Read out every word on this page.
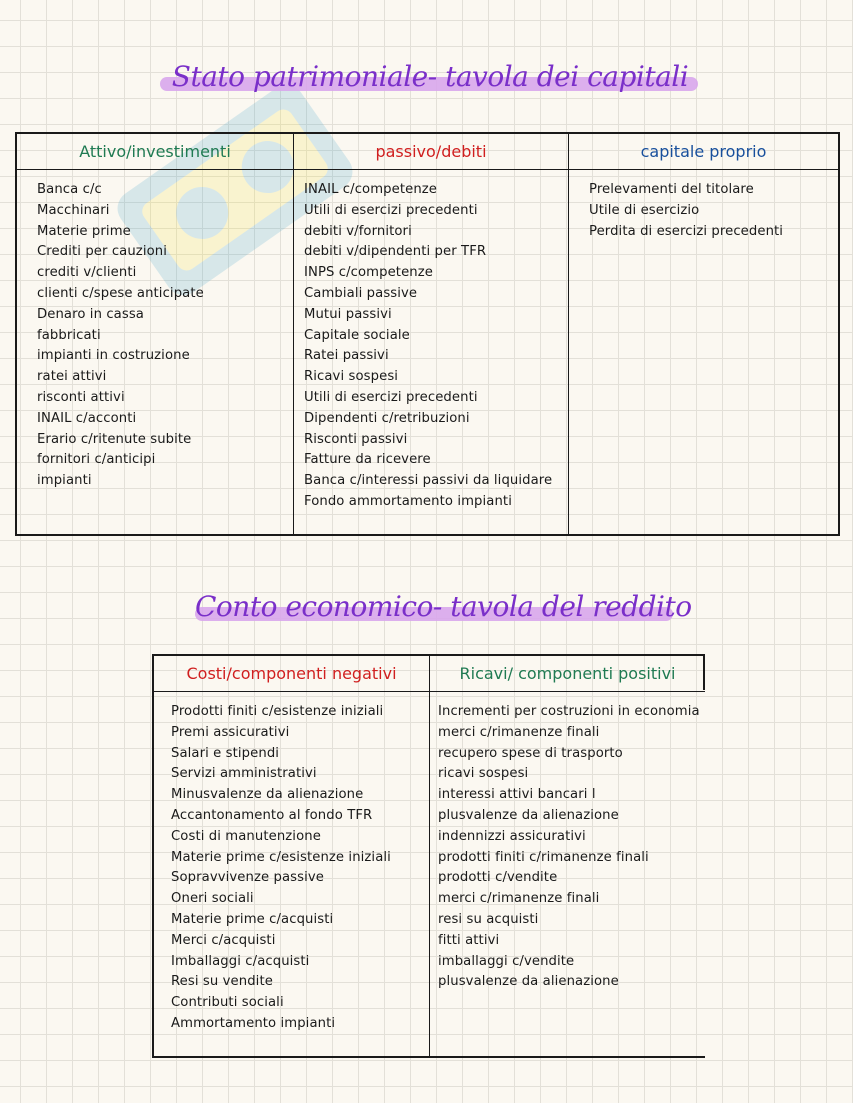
Stato patrimoniale- tavola dei capitali
Attivo/investimenti
Banca c/c
Macchinari
Materie prime
Crediti per cauzioni
crediti v/clienti
clienti c/spese anticipate
Denaro in cassa
fabbricati
impianti in costruzione
ratei attivi
risconti attivi
INAIL c/acconti
Erario c/ritenute subite
fornitori c/anticipi
impianti
passivo/debiti
INAIL c/competenze
Utili di esercizi precedenti
debiti v/fornitori
debiti v/dipendenti per TFR
INPS c/competenze
Cambiali passive
Mutui passivi
Capitale sociale
Ratei passivi
Ricavi sospesi
Utili di esercizi precedenti
Dipendenti c/retribuzioni
Risconti passivi
Fatture da ricevere
Banca c/interessi passivi da liquidare
Fondo ammortamento impianti
capitale proprio
Prelevamenti del titolare
Utile di esercizio
Perdita di esercizi precedenti
Conto economico- tavola del reddito
Costi/componenti negativi
Prodotti finiti c/esistenze iniziali
Premi assicurativi
Salari e stipendi
Servizi amministrativi
Minusvalenze da alienazione
Accantonamento al fondo TFR
Costi di manutenzione
Materie prime c/esistenze iniziali
Sopravvivenze passive
Oneri sociali
Materie prime c/acquisti
Merci c/acquisti
Imballaggi c/acquisti
Resi su vendite
Contributi sociali
Ammortamento impianti
Ricavi/ componenti positivi
Incrementi per costruzioni in economia
merci c/rimanenze finali
recupero spese di trasporto
ricavi sospesi
interessi attivi bancari l
plusvalenze da alienazione
indennizzi assicurativi
prodotti finiti c/rimanenze finali
prodotti c/vendite
merci c/rimanenze finali
resi su acquisti
fitti attivi
imballaggi c/vendite
plusvalenze da alienazione
